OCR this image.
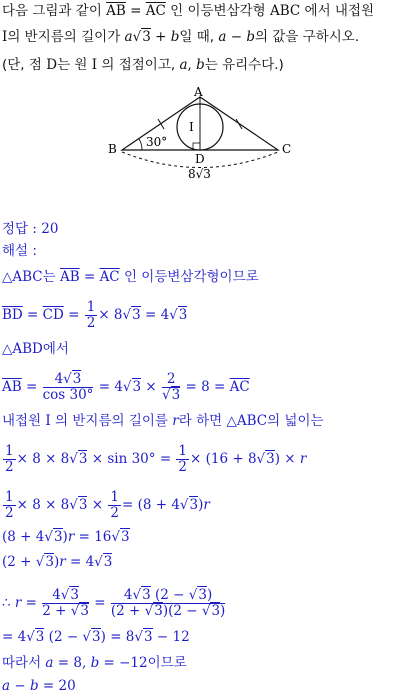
다음 그림과 같이 $\overline{AB} = \overline{AC}$ 인 이등변삼각형 ABC 에서 내접원
I의 반지름의 길이가 a√3 + b일 때, a − b의 값을 구하시오.
(단, 점 D는 원 I 의 접점이고, a, b는 유리수다.)
A
B	C
D
I
30°
8√3
정답 : 20
해설 :
△ABC는 $\overline{AB} = \overline{AC}$ 인 이등변삼각형이므로
$\overline{BD} = \overline{CD} = \frac{1}{2} \times 8√3 = 4√3$
△ABD에서
$\overline{AB} = \frac{4√3}{\cos 30^\circ} = 4√3 \times \frac{2}{√3} = 8 = \overline{AC}$
내접원 I 의 반지름의 길이를 r라 하면 △ABC의 넓이는
$\frac{1}{2} \times 8 \times 8√3 \times \sin 30^\circ = \frac{1}{2} \times (16 + 8√3) \times r$
$\frac{1}{2} \times 8 \times 8√3 \times \frac{1}{2} = (8 + 4√3)r$
(8 + 4√3)r = 16√3
(2 + √3)r = 4√3
∴ $r = \frac{4√3}{2 + √3} = \frac{4√3 (2 - √3)}{(2 + √3)(2 - √3)}$
= 4√3 (2 − √3) = 8√3 − 12
따라서 a = 8, b = −12이므로
a − b = 20
